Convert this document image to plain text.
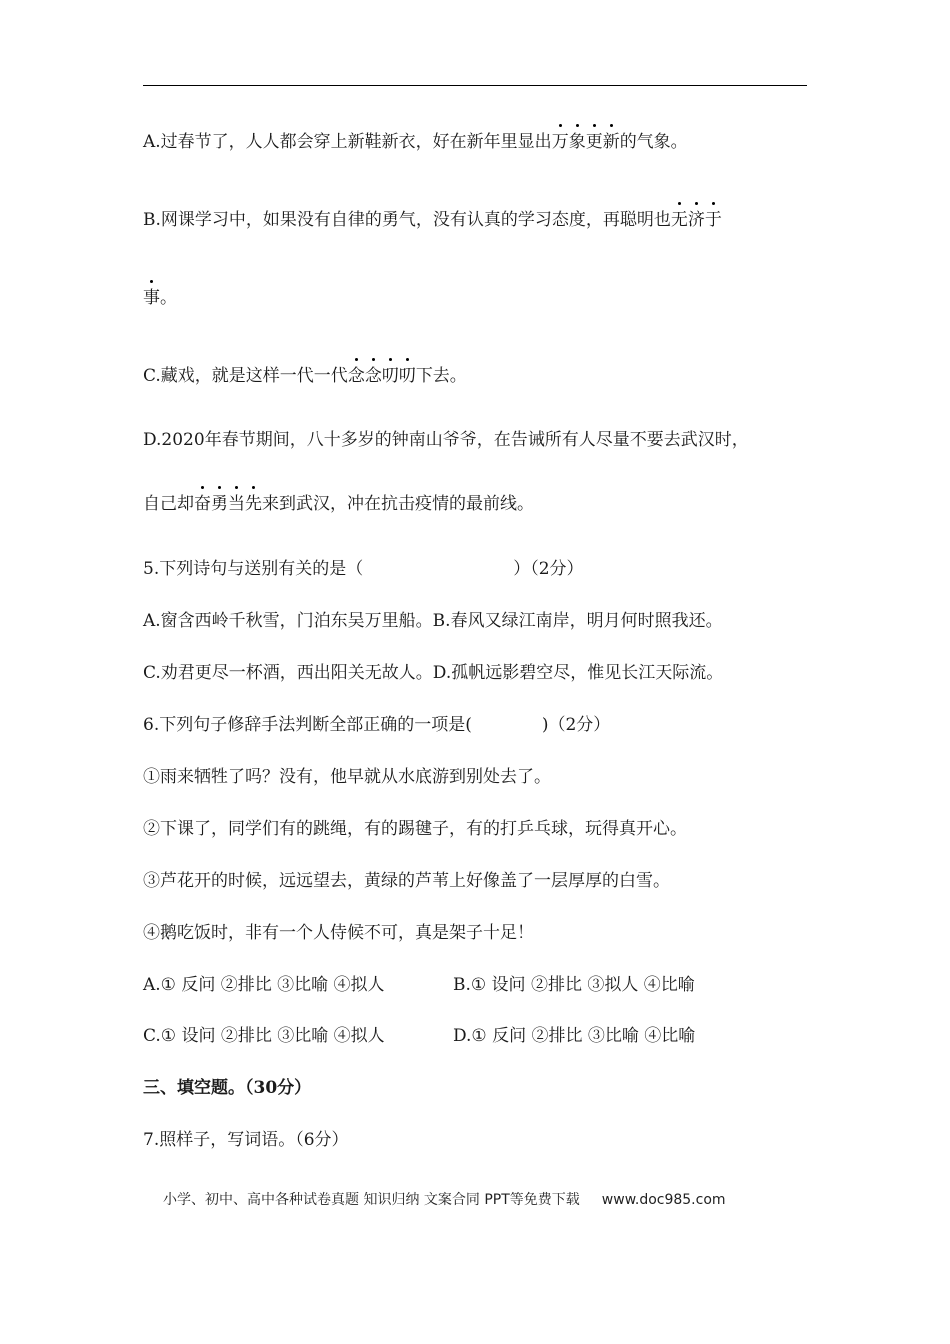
A.过春节了，人人都会穿上新鞋新衣，好在新年里显出万象更新的气象。
B.网课学习中，如果没有自律的勇气，没有认真的学习态度，再聪明也无济于
事。
C.藏戏，就是这样一代一代念念叨叨下去。
D.2020年春节期间，八十多岁的钟南山爷爷，在告诫所有人尽量不要去武汉时，
自己却奋勇当先来到武汉，冲在抗击疫情的最前线。
5.下列诗句与送别有关的是（	）（2分）
A.窗含西岭千秋雪，门泊东吴万里船。B.春风又绿江南岸，明月何时照我还。
C.劝君更尽一杯酒，西出阳关无故人。D.孤帆远影碧空尽，惟见长江天际流。
6.下列句子修辞手法判断全部正确的一项是(	)（2分）
①雨来牺牲了吗？没有，他早就从水底游到别处去了。
②下课了，同学们有的跳绳，有的踢毽子，有的打乒乓球，玩得真开心。
③芦花开的时候，远远望去，黄绿的芦苇上好像盖了一层厚厚的白雪。
④鹅吃饭时，非有一个人侍候不可，真是架子十足！
A.① 反问 ②排比 ③比喻 ④拟人	B.① 设问 ②排比 ③拟人 ④比喻
C.① 设问 ②排比 ③比喻 ④拟人	D.① 反问 ②排比 ③比喻 ④比喻
三、填空题。（30分）
7.照样子，写词语。（6分）
小学、初中、高中各种试卷真题 知识归纳 文案合同 PPT等免费下载 www.doc985.com
